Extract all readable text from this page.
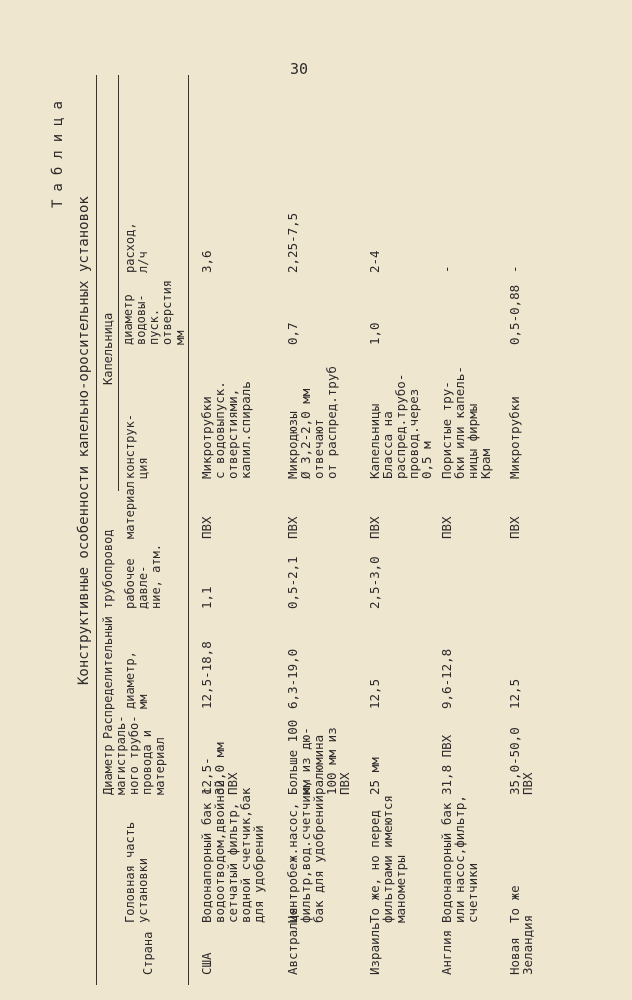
30
Таблица
Конструктивные особенности капельно-оросительных установок
Страна
Головная часть
установки
Диаметр
магистраль-
ного трубо-
провода и
материал
Распределительный трубопровод
Капельница
диаметр,
мм
рабочее
давле-
ние, атм.
материал
конструк-
ция
диаметр
водовы-
пуск.
отверстия
мм
расход,
л/ч
США
Водонапорный бак с
водоотводом,двойной
сетчатый фильтр,
водной счетчик,бак
для удобрений
12,5-
32,0 мм
ПВХ
12,5-18,8
1,1
ПВХ
Микротрубки
с водовыпуск.
отверстиями,
капил.спираль
3,6
Австралия
Центробеж.насос,
фильтр,вод.счетчик,
бак для удобрений
Больше 100
мм из дю-
ралюмина
100 мм из
ПВХ
6,3-19,0
0,5-2,1
ПВХ
Микродюзы
Ø 3,2-2,0 мм
отвечают
от распред.труб
0,7
2,25-7,5
Израиль
То же, но перед
фильтрами имеются
манометры
25 мм
12,5
2,5-3,0
ПВХ
Капельницы
Бласса на
распред.трубо-
провод.через
0,5 м
1,0
2-4
Англия
Водонапорный бак
или насос,фильтр,
счетчики
31,8 ПВХ
9,6-12,8
ПВХ
Пористые тру-
бки или капель-
ницы фирмы
Крам
-
Новая
Зеландия
То же
35,0-50,0
ПВХ
12,5
ПВХ
Микротрубки
0,5-0,88
-
